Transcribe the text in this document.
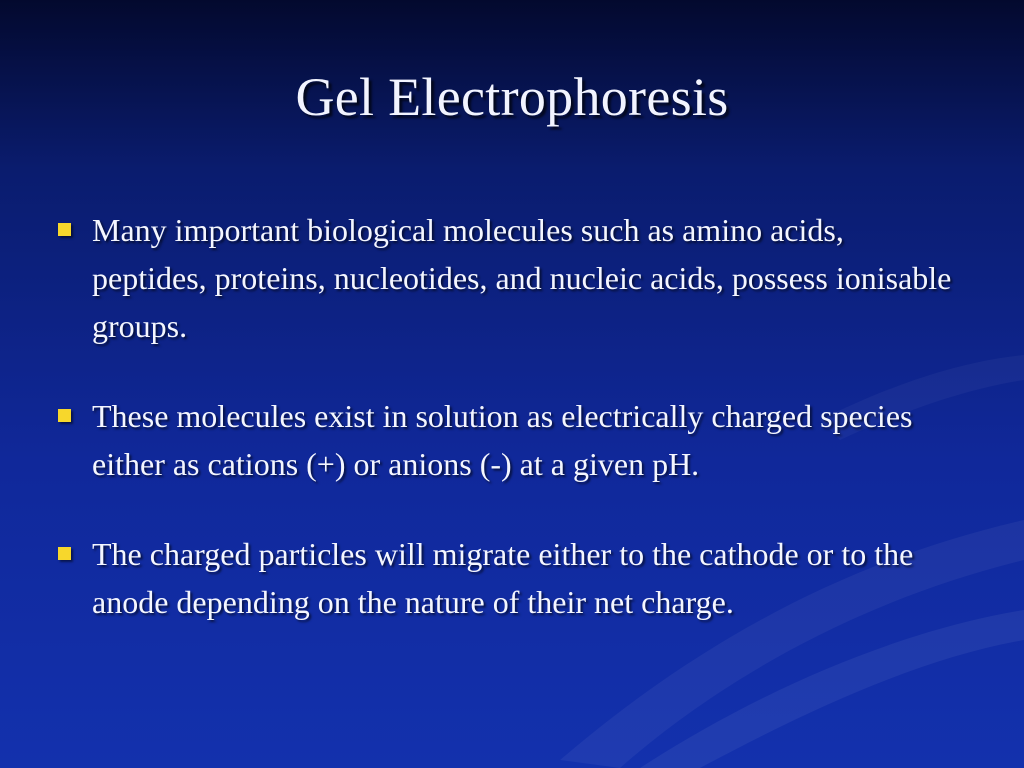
Gel Electrophoresis
Many important biological molecules such as amino acids, peptides, proteins, nucleotides, and nucleic acids, possess ionisable groups.
These molecules exist in solution as electrically charged species either as cations (+) or anions (-) at a given pH.
The charged particles will migrate either to the cathode or to the anode depending on the nature of their net charge.
